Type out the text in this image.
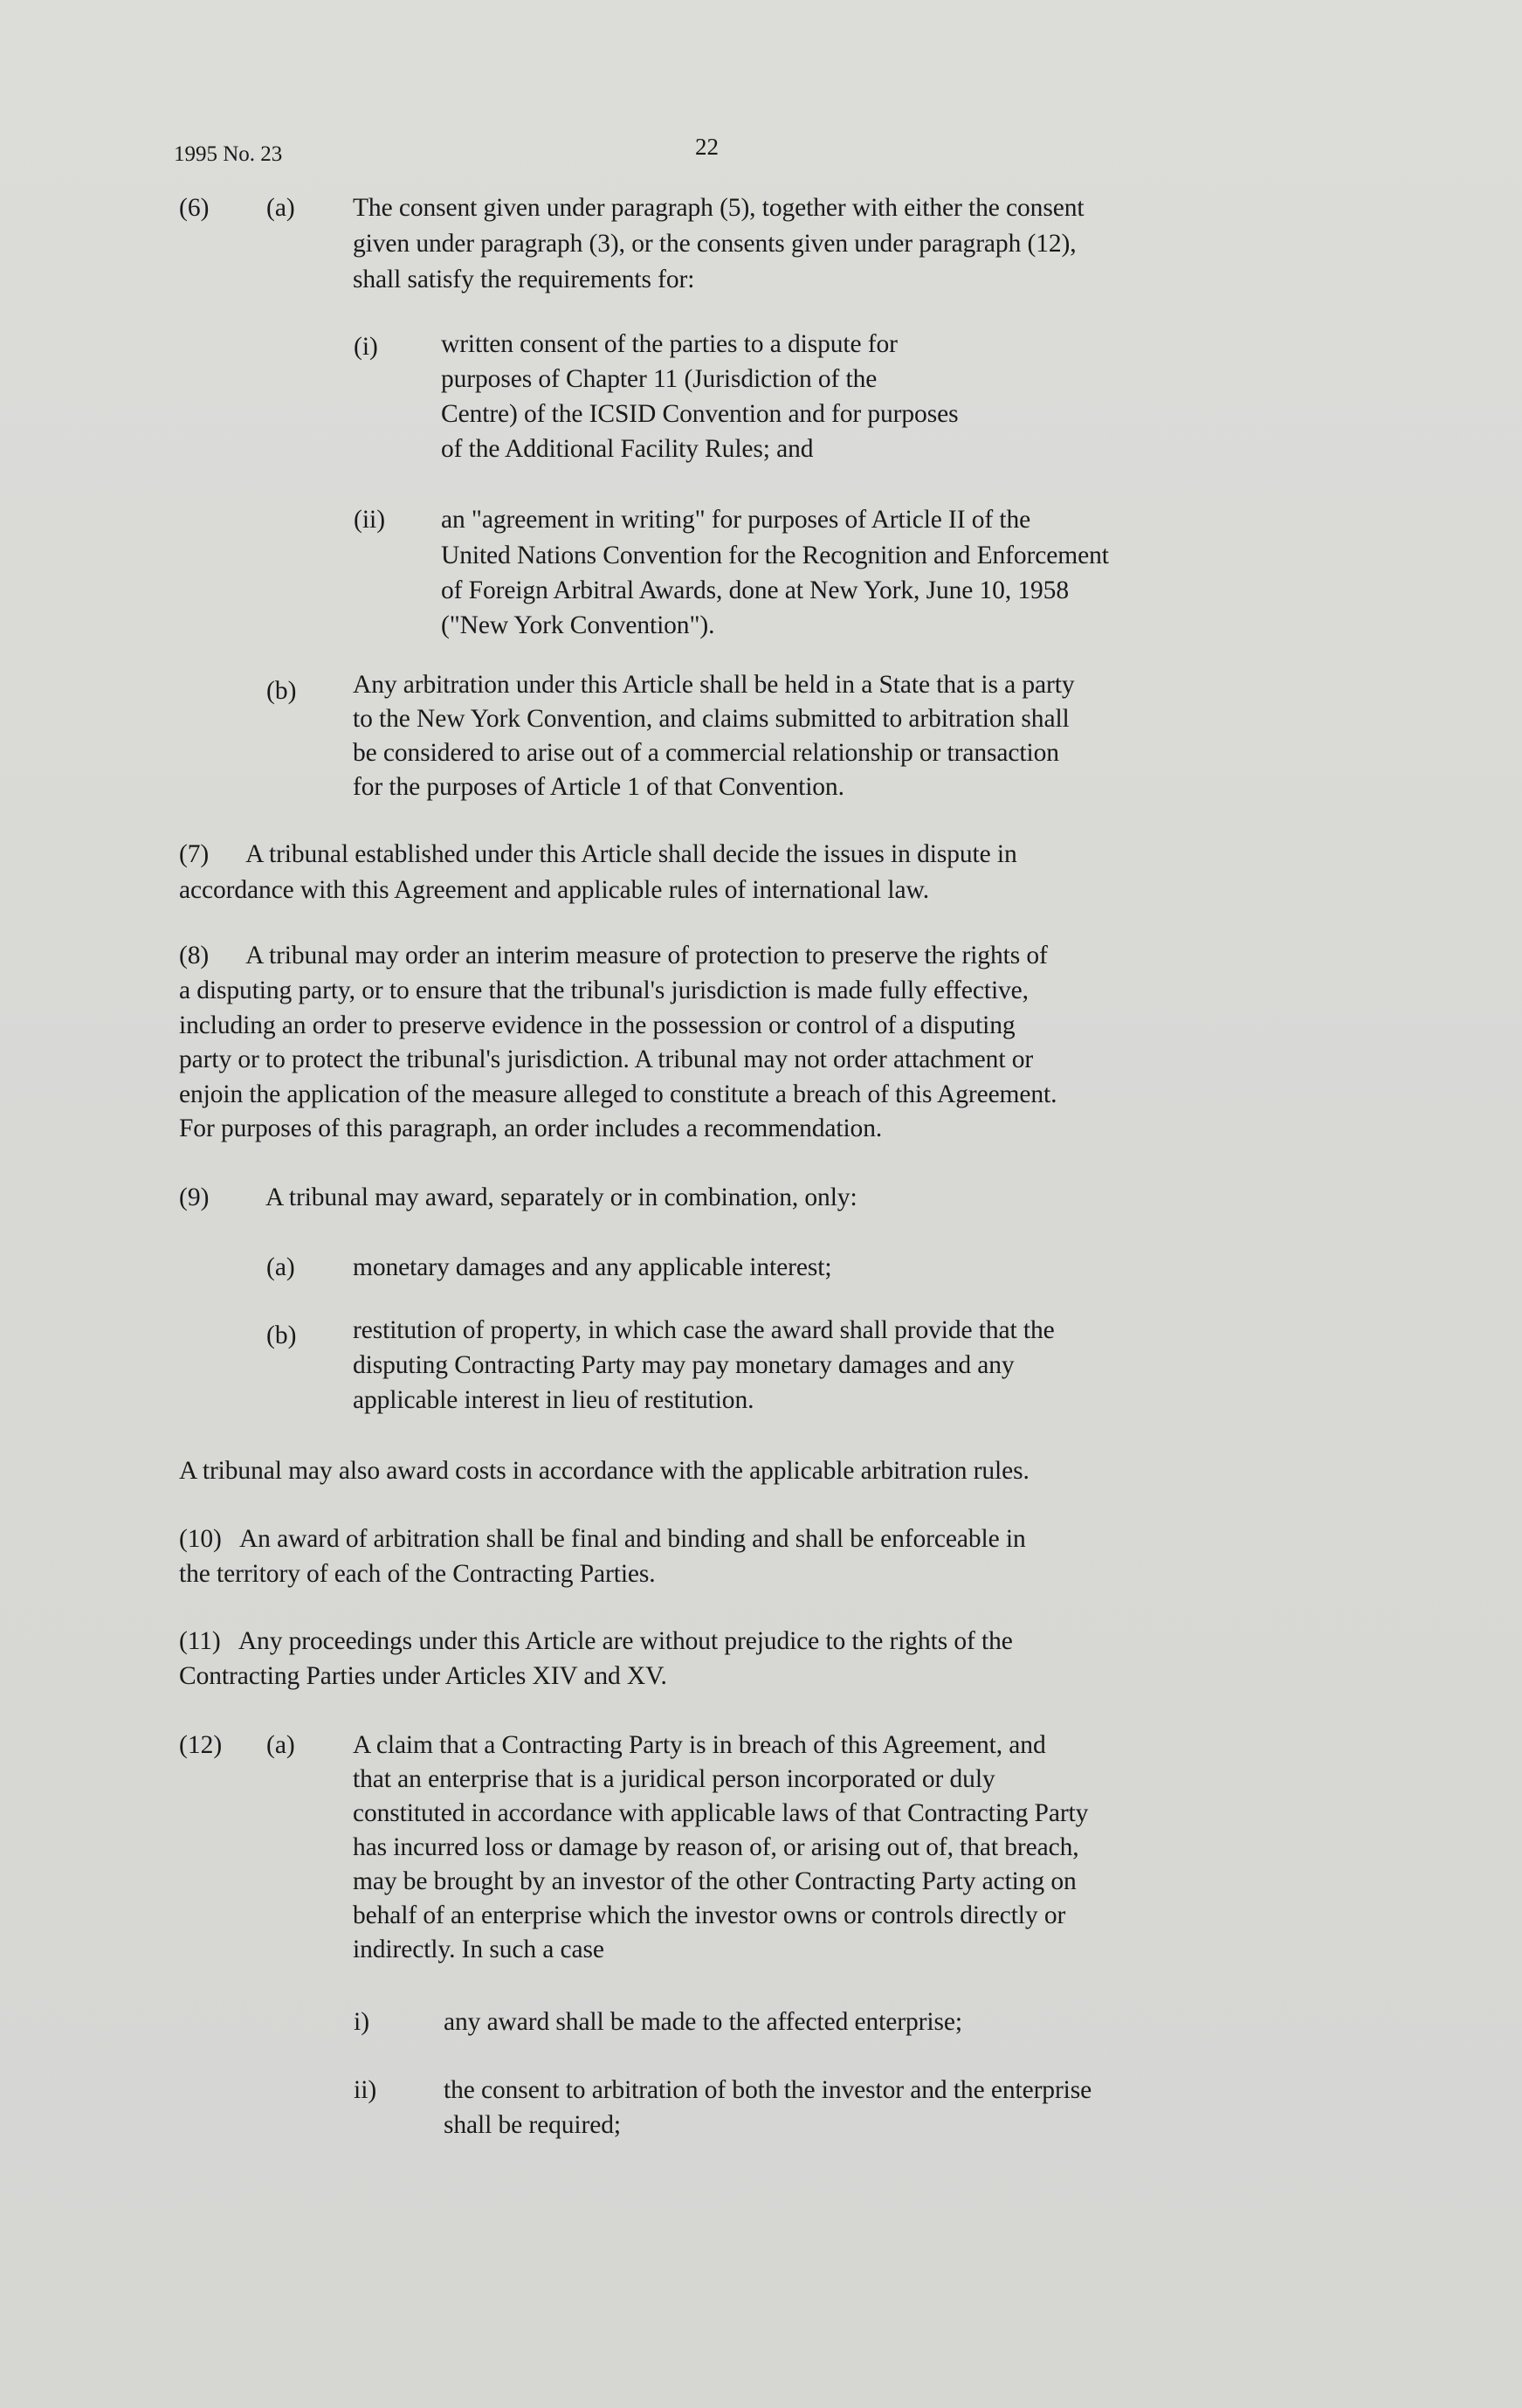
1995 No. 23	22
(6) (a) The consent given under paragraph (5), together with either the consent
given under paragraph (3), or the consents given under paragraph (12),
shall satisfy the requirements for:
(i) written consent of the parties to a dispute for
purposes of Chapter 11 (Jurisdiction of the
Centre) of the ICSID Convention and for purposes
of the Additional Facility Rules; and
(ii) an "agreement in writing" for purposes of Article II of the
United Nations Convention for the Recognition and Enforcement
of Foreign Arbitral Awards, done at New York, June 10, 1958
("New York Convention").
(b) Any arbitration under this Article shall be held in a State that is a party
to the New York Convention, and claims submitted to arbitration shall
be considered to arise out of a commercial relationship or transaction
for the purposes of Article 1 of that Convention.
(7)      A tribunal established under this Article shall decide the issues in dispute in
accordance with this Agreement and applicable rules of international law.
(8)      A tribunal may order an interim measure of protection to preserve the rights of
a disputing party, or to ensure that the tribunal's jurisdiction is made fully effective,
including an order to preserve evidence in the possession or control of a disputing
party or to protect the tribunal's jurisdiction. A tribunal may not order attachment or
enjoin the application of the measure alleged to constitute a breach of this Agreement.
For purposes of this paragraph, an order includes a recommendation.
(9) A tribunal may award, separately or in combination, only:
(a) monetary damages and any applicable interest;
(b) restitution of property, in which case the award shall provide that the
disputing Contracting Party may pay monetary damages and any
applicable interest in lieu of restitution.
A tribunal may also award costs in accordance with the applicable arbitration rules.
(10)   An award of arbitration shall be final and binding and shall be enforceable in
the territory of each of the Contracting Parties.
(11)   Any proceedings under this Article are without prejudice to the rights of the
Contracting Parties under Articles XIV and XV.
(12) (a) A claim that a Contracting Party is in breach of this Agreement, and
that an enterprise that is a juridical person incorporated or duly
constituted in accordance with applicable laws of that Contracting Party
has incurred loss or damage by reason of, or arising out of, that breach,
may be brought by an investor of the other Contracting Party acting on
behalf of an enterprise which the investor owns or controls directly or
indirectly. In such a case
i)	any award shall be made to the affected enterprise;
ii)	the consent to arbitration of both the investor and the enterprise
shall be required;
